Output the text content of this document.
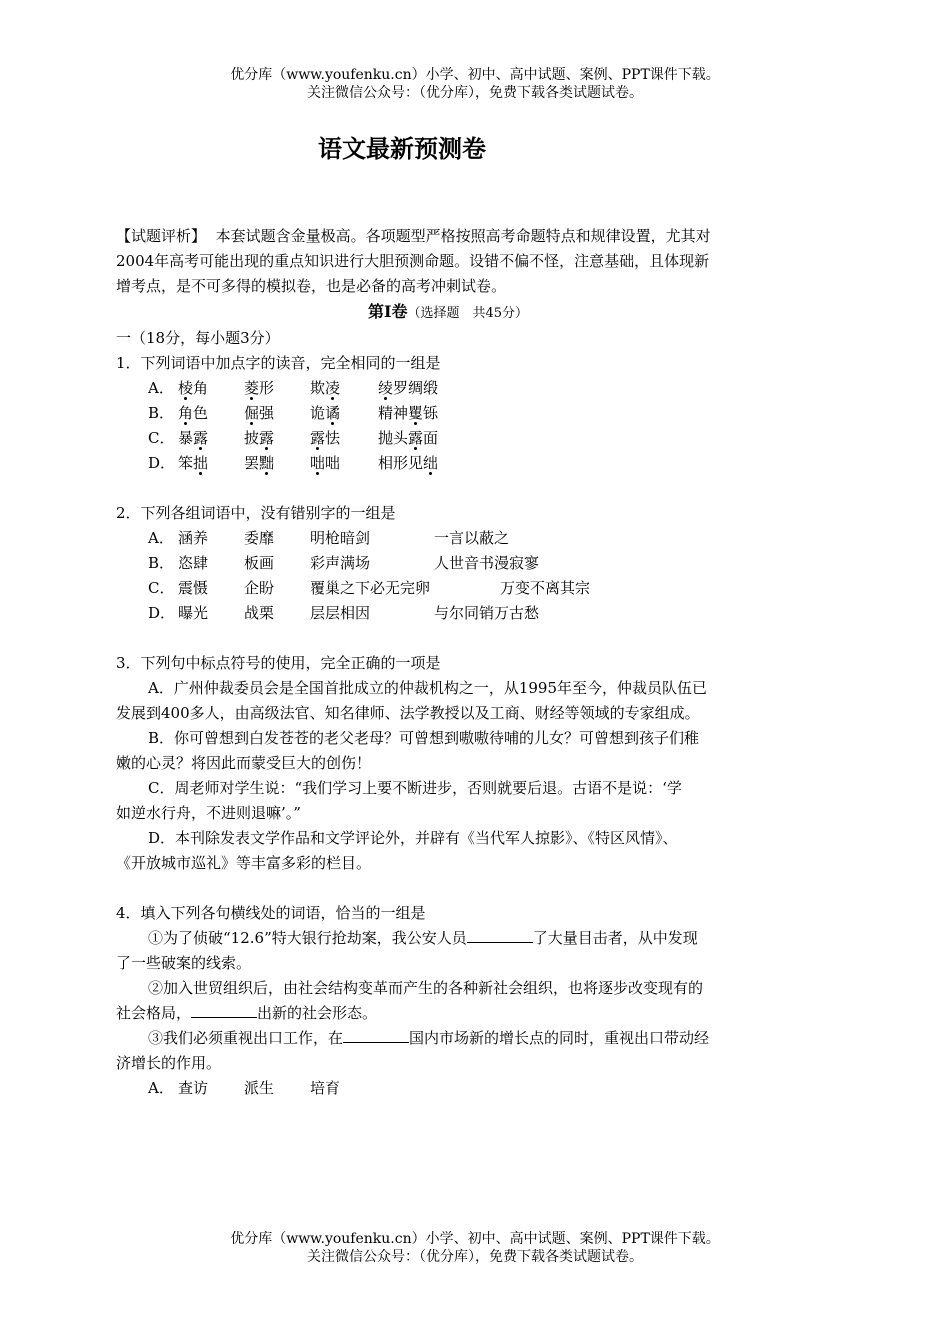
优分库（www.youfenku.cn）小学、初中、高中试题、案例、PPT课件下载。
关注微信公众号：（优分库），免费下载各类试题试卷。
语文最新预测卷

【试题评析】 本套试题含金量极高。各项题型严格按照高考命题特点和规律设置，尤其对

2004年高考可能出现的重点知识进行大胆预测命题。设错不偏不怪，注意基础，且体现新

增考点，是不可多得的模拟卷，也是必备的高考冲刺试卷。

第Ⅰ卷（选择题　共45分）

一（18分，每小题3分）

1．下列词语中加点字的读音，完全相同的一组是

A． 棱角	菱形	欺凌	绫罗绸缎
B． 角色	倔强	诡谲	精神矍铄
C． 暴露	披露	露怯	抛头露面
D． 笨拙	罢黜	咄咄	相形见绌

2．下列各组词语中，没有错别字的一组是

A． 涵养	委靡	明枪暗剑	一言以蔽之
B． 恣肆	板画	彩声满场	人世音书漫寂寥
C． 震慑	企盼	覆巢之下必无完卵	万变不离其宗
D． 曝光	战栗	层层相因	与尔同销万古愁

3．下列句中标点符号的使用，完全正确的一项是

A．广州仲裁委员会是全国首批成立的仲裁机构之一，从1995年至今，仲裁员队伍已

发展到400多人，由高级法官、知名律师、法学教授以及工商、财经等领域的专家组成。

B．你可曾想到白发苍苍的老父老母？可曾想到嗷嗷待哺的儿女？可曾想到孩子们稚

嫩的心灵？将因此而蒙受巨大的创伤！

C．周老师对学生说：“我们学习上要不断进步，否则就要后退。古语不是说：‘学

如逆水行舟，不进则退嘛’。”

D．本刊除发表文学作品和文学评论外，并辟有《当代军人掠影》、《特区风情》、

《开放城市巡礼》等丰富多彩的栏目。

4．填入下列各句横线处的词语，恰当的一组是

①为了侦破“12.6”特大银行抢劫案，我公安人员	了大量目击者，从中发现

了一些破案的线索。

②加入世贸组织后，由社会结构变革而产生的各种新社会组织，也将逐步改变现有的

社会格局，	出新的社会形态。

③我们必须重视出口工作，在	国内市场新的增长点的同时，重视出口带动经

济增长的作用。

A． 查访	派生	培育
优分库（www.youfenku.cn）小学、初中、高中试题、案例、PPT课件下载。
关注微信公众号：（优分库），免费下载各类试题试卷。
